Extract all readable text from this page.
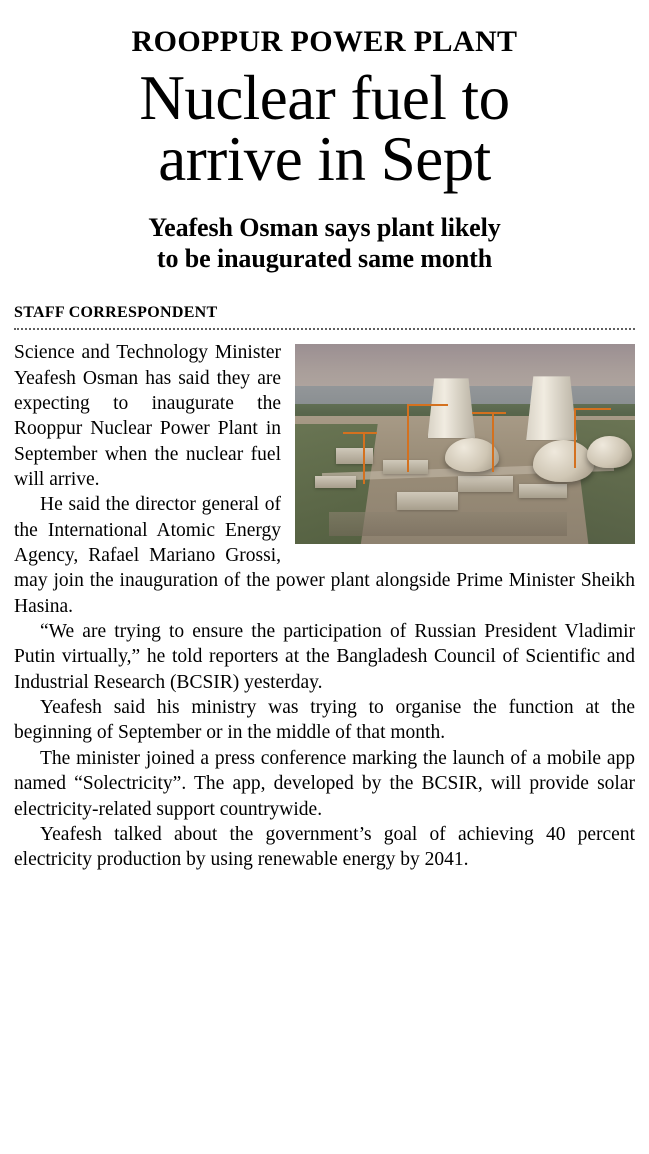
ROOPPUR POWER PLANT
Nuclear fuel to
arrive in Sept
Yeafesh Osman says plant likely
to be inaugurated same month
STAFF CORRESPONDENT

Science and Technology Minister Yeafesh Osman has said they are expecting to inaugurate the Rooppur Nuclear Power Plant in September when the nuclear fuel will arrive.

He said the director general of the International Atomic Energy Agency, Rafael Mariano Grossi, may join the inauguration of the power plant alongside Prime Minister Sheikh Hasina.

“We are trying to ensure the participation of Russian President Vladimir Putin virtually,” he told reporters at the Bangladesh Council of Scientific and Industrial Research (BCSIR) yesterday.

Yeafesh said his ministry was trying to organise the function at the beginning of September or in the middle of that month.

The minister joined a press conference marking the launch of a mobile app named “Solectricity”. The app, developed by the BCSIR, will provide solar electricity-related support countrywide.

Yeafesh talked about the government’s goal of achieving 40 percent electricity production by using renewable energy by 2041.
